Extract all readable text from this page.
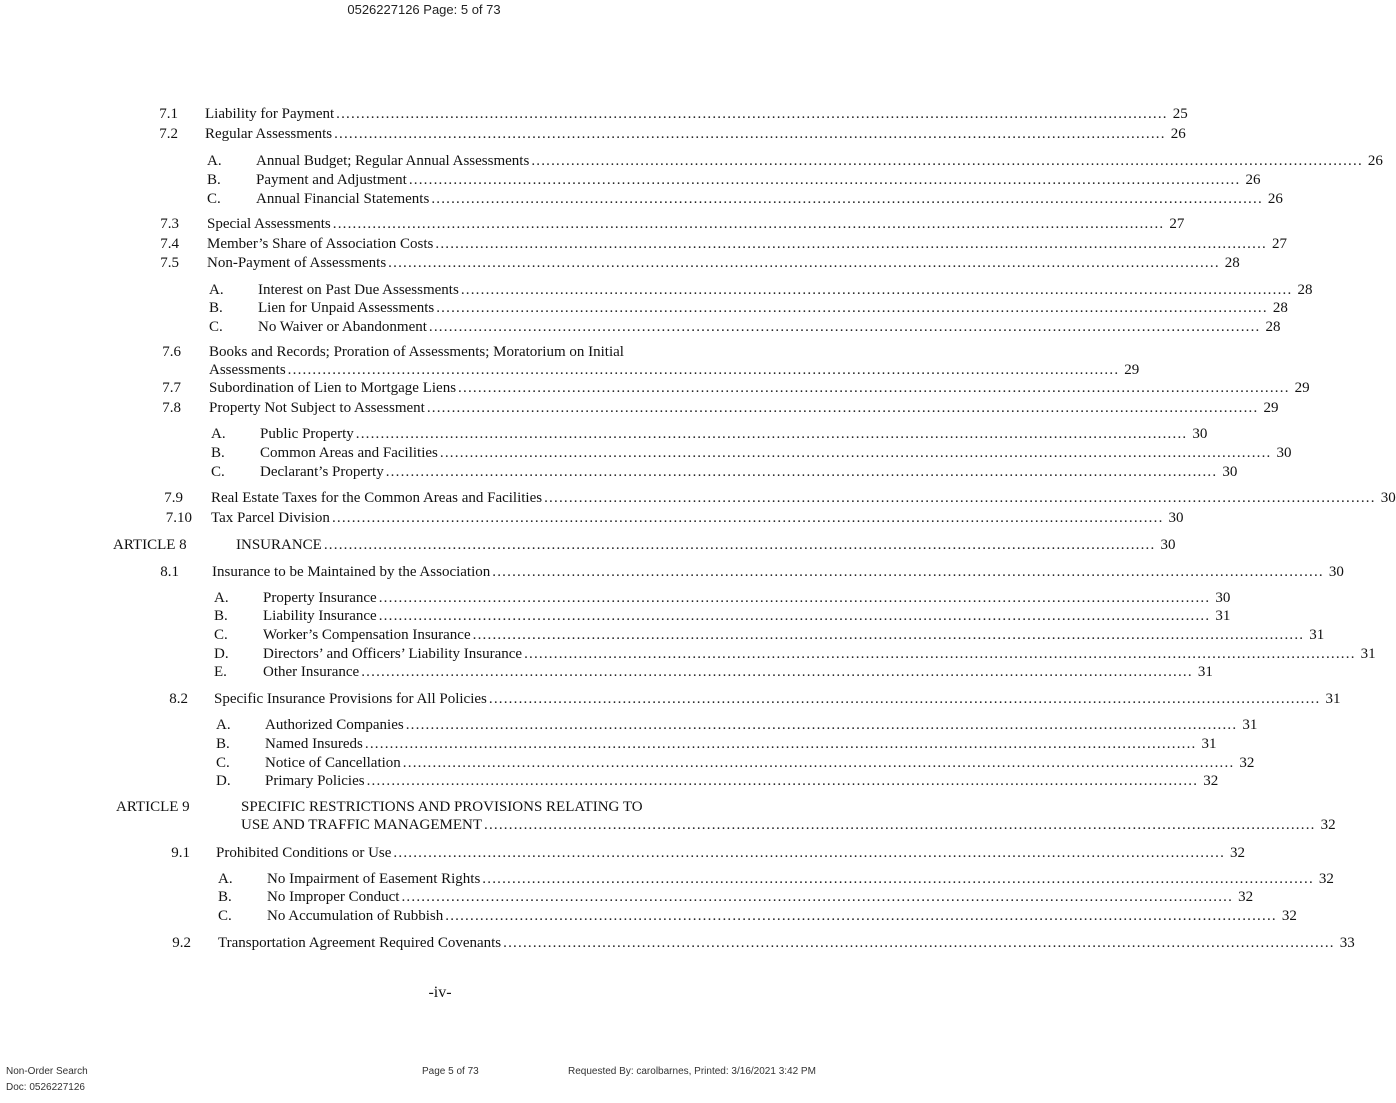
0526227126 Page: 5 of 73
7.1 Liability for Payment ........................................................................................................................................................................ 25
7.2 Regular Assessments ........................................................................................................................................................................ 26
A. Annual Budget; Regular Annual Assessments ........................................................................................................................................................................ 26
B. Payment and Adjustment ........................................................................................................................................................................ 26
C. Annual Financial Statements ........................................................................................................................................................................ 26
7.3 Special Assessments ........................................................................................................................................................................ 27
7.4 Member’s Share of Association Costs ........................................................................................................................................................................ 27
7.5 Non-Payment of Assessments ........................................................................................................................................................................ 28
A. Interest on Past Due Assessments ........................................................................................................................................................................ 28
B. Lien for Unpaid Assessments ........................................................................................................................................................................ 28
C. No Waiver or Abandonment ........................................................................................................................................................................ 28
7.6 Books and Records; Proration of Assessments; Moratorium on Initial
Assessments ........................................................................................................................................................................ 29
7.7 Subordination of Lien to Mortgage Liens ........................................................................................................................................................................ 29
7.8 Property Not Subject to Assessment ........................................................................................................................................................................ 29
A. Public Property ........................................................................................................................................................................ 30
B. Common Areas and Facilities ........................................................................................................................................................................ 30
C. Declarant’s Property ........................................................................................................................................................................ 30
7.9 Real Estate Taxes for the Common Areas and Facilities ........................................................................................................................................................................ 30
7.10 Tax Parcel Division ........................................................................................................................................................................ 30
ARTICLE 8	INSURANCE ........................................................................................................................................................................ 30
8.1 Insurance to be Maintained by the Association ........................................................................................................................................................................ 30
A. Property Insurance ........................................................................................................................................................................ 30
B. Liability Insurance ........................................................................................................................................................................ 31
C. Worker’s Compensation Insurance ........................................................................................................................................................................ 31
D. Directors’ and Officers’ Liability Insurance ........................................................................................................................................................................ 31
E. Other Insurance ........................................................................................................................................................................ 31
8.2 Specific Insurance Provisions for All Policies ........................................................................................................................................................................ 31
A. Authorized Companies ........................................................................................................................................................................ 31
B. Named Insureds ........................................................................................................................................................................ 31
C. Notice of Cancellation ........................................................................................................................................................................ 32
D. Primary Policies ........................................................................................................................................................................ 32
ARTICLE 9	SPECIFIC RESTRICTIONS AND PROVISIONS RELATING TO
USE AND TRAFFIC MANAGEMENT ........................................................................................................................................................................ 32
9.1 Prohibited Conditions or Use ........................................................................................................................................................................ 32
A. No Impairment of Easement Rights ........................................................................................................................................................................ 32
B. No Improper Conduct ........................................................................................................................................................................ 32
C. No Accumulation of Rubbish ........................................................................................................................................................................ 32
9.2 Transportation Agreement Required Covenants ........................................................................................................................................................................ 33
-iv-
Non-Order Search
Doc: 0526227126
Page 5 of 73	Requested By: carolbarnes, Printed: 3/16/2021 3:42 PM
